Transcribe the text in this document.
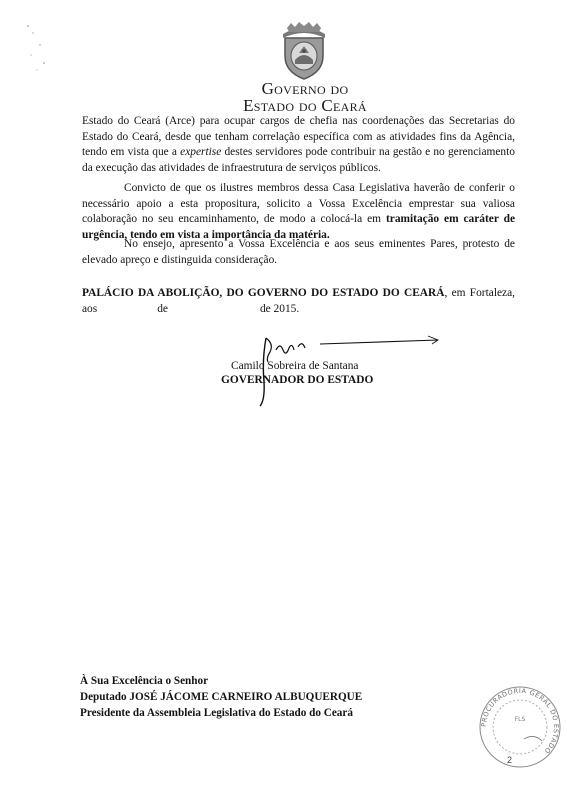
Governo do
Estado do Ceará

Estado do Ceará (Arce) para ocupar cargos de chefia nas coordenações das Secretarias do Estado do Ceará, desde que tenham correlação específica com as atividades fins da Agência, tendo em vista que a expertise destes servidores pode contribuir na gestão e no gerenciamento da execução das atividades de infraestrutura de serviços públicos.

Convicto de que os ilustres membros dessa Casa Legislativa haverão de conferir o necessário apoio a esta propositura, solicito a Vossa Excelência emprestar sua valiosa colaboração no seu encaminhamento, de modo a colocá-la em tramitação em caráter de urgência, tendo em vista a importância da matéria.

No ensejo, apresento a Vossa Excelência e aos seus eminentes Pares, protesto de elevado apreço e distinguida consideração.

PALÁCIO DA ABOLIÇÃO, DO GOVERNO DO ESTADO DO CEARÁ, em Fortaleza, aos	de	de 2015.

Camilo Sobreira de Santana
GOVERNADOR DO ESTADO
À Sua Excelência o Senhor
Deputado JOSÉ JÁCOME CARNEIRO ALBUQUERQUE
Presidente da Assembleia Legislativa do Estado do Ceará
PROCURADORIA GERAL DO ESTADO
FLS
2
